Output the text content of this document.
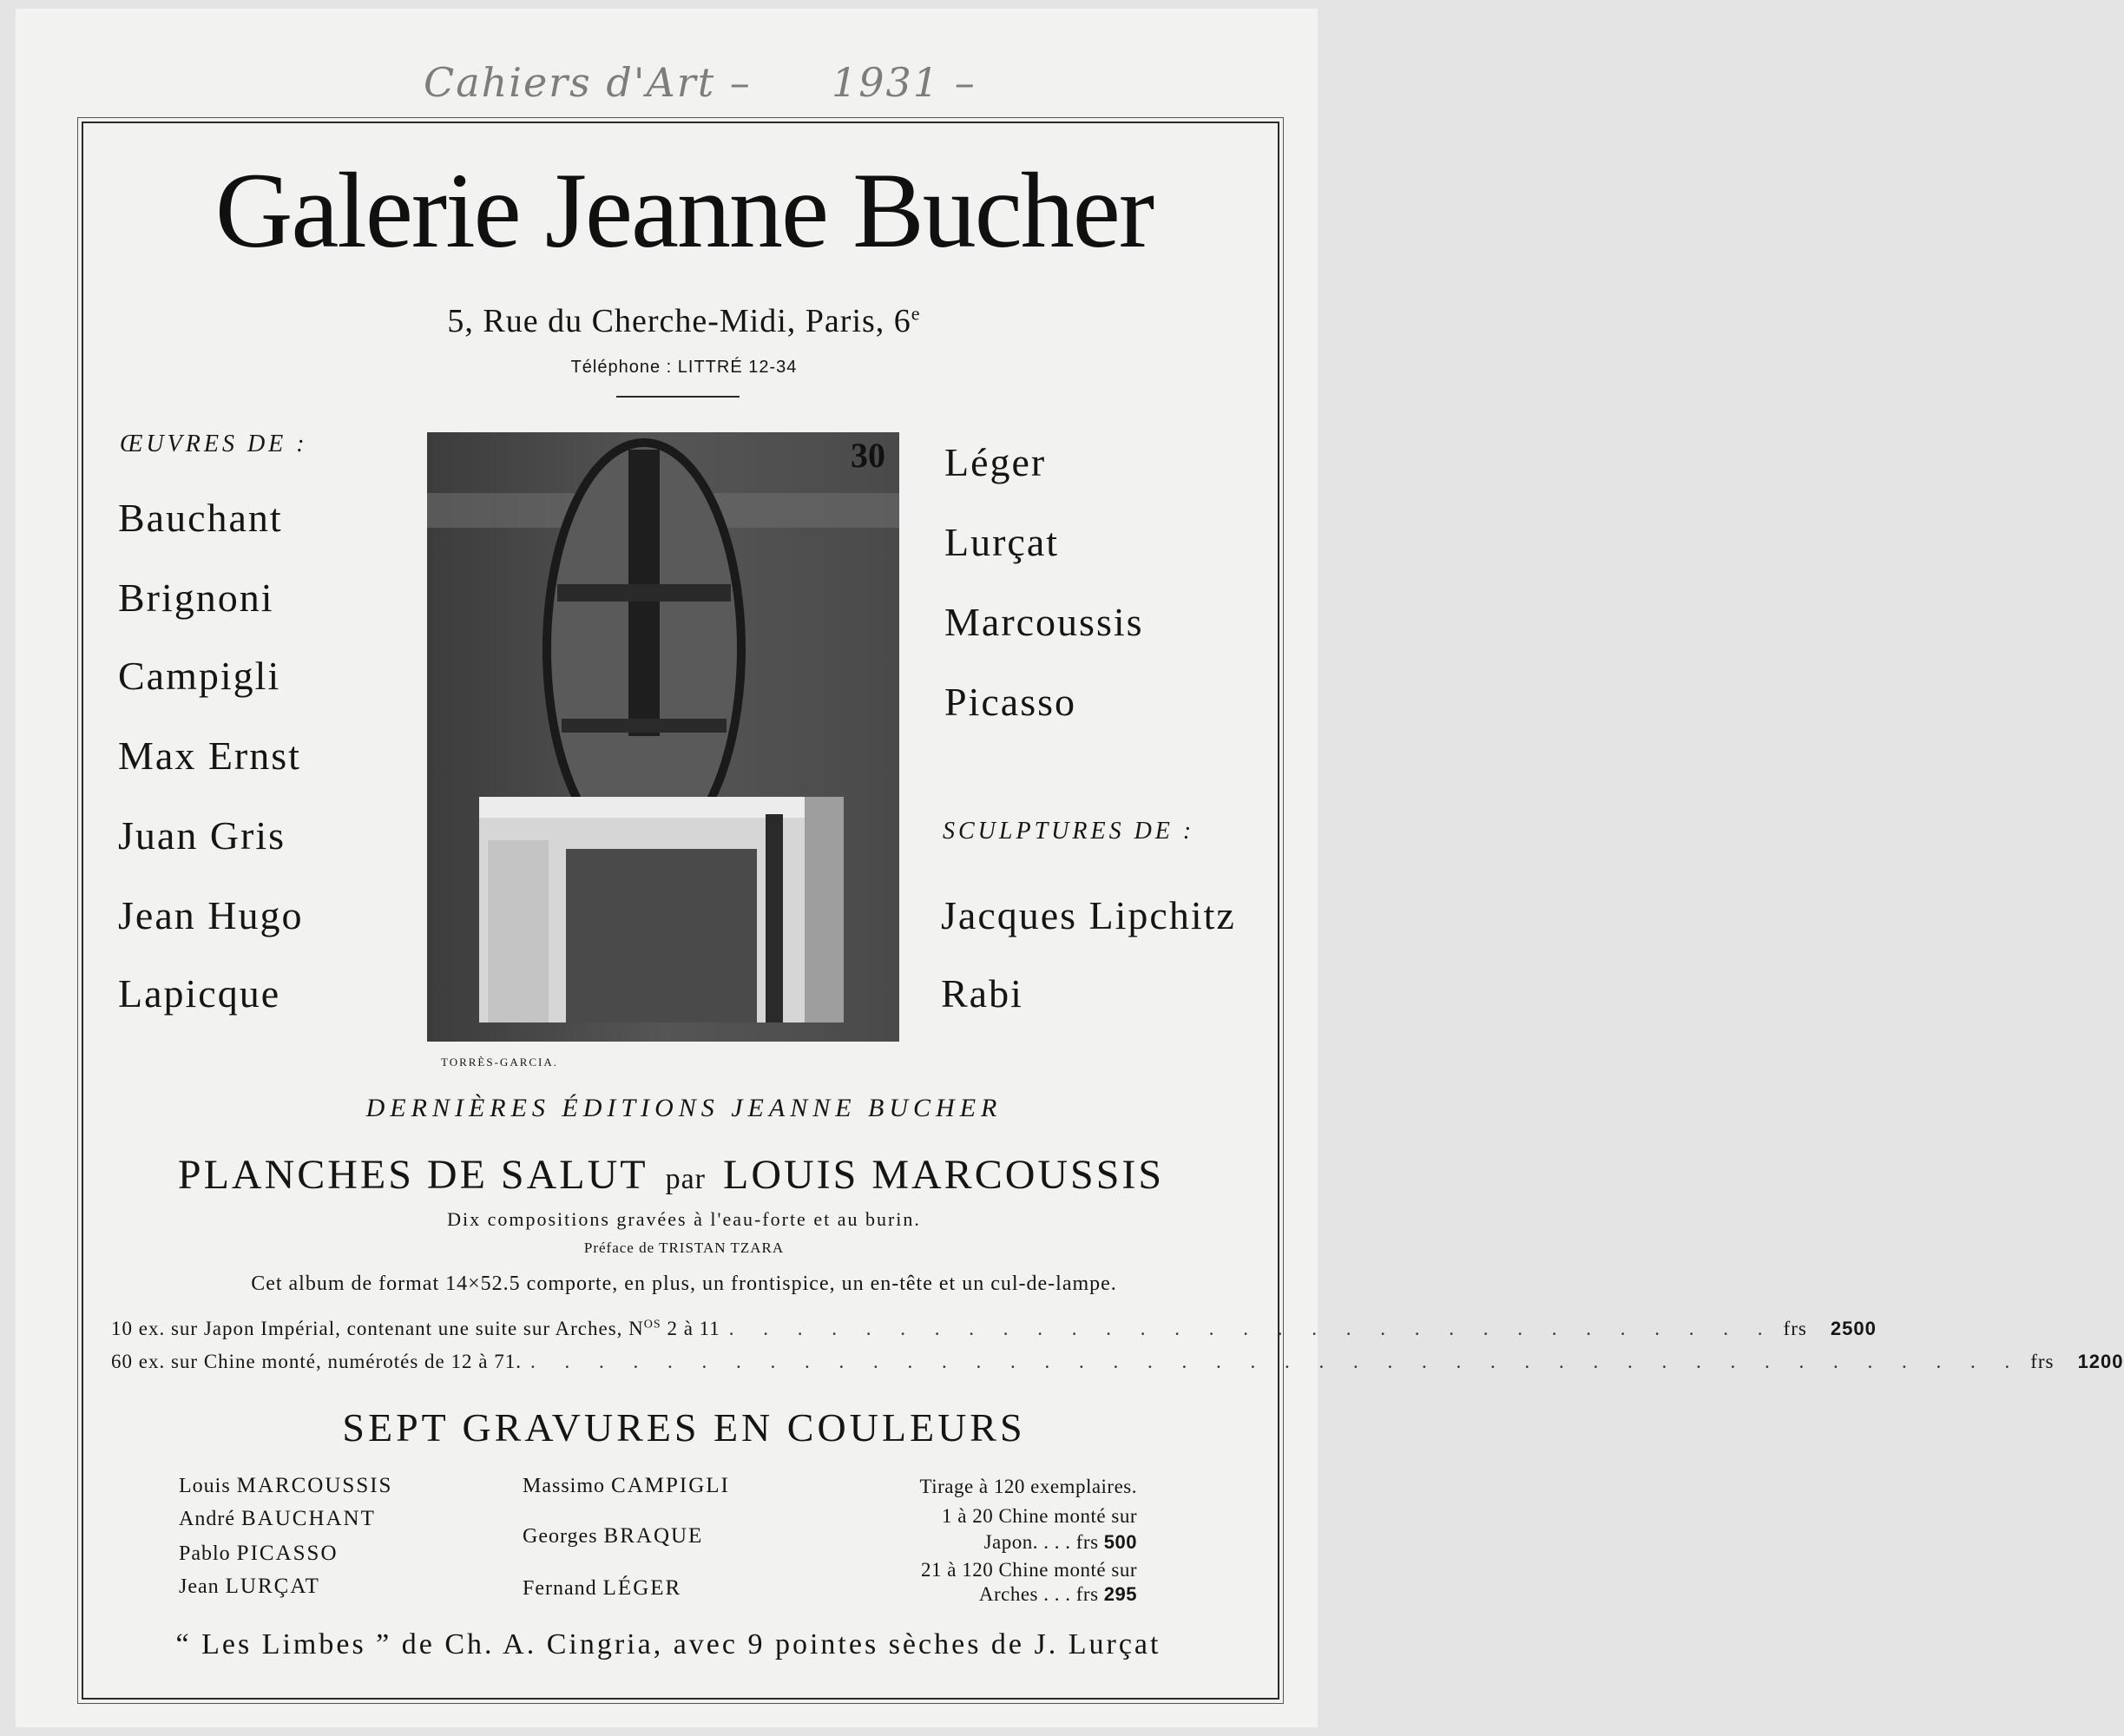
Cahiers d'Art – 1931 –
Galerie Jeanne Bucher
5, Rue du Cherche-Midi, Paris, 6e
Téléphone : LITTRÉ 12-34
ŒUVRES DE :
Bauchant
Brignoni
Campigli
Max Ernst
Juan Gris
Jean Hugo
Lapicque
30
TORRÈS-GARCIA.
Léger
Lurçat
Marcoussis
Picasso
SCULPTURES DE :
Jacques Lipchitz
Rabi
DERNIÈRES ÉDITIONS JEANNE BUCHER
PLANCHES DE SALUT par LOUIS MARCOUSSIS
Dix compositions gravées à l'eau-forte et au burin.
Préface de TRISTAN TZARA
Cet album de format 14×52.5 comporte, en plus, un frontispice, un en-tête et un cul-de-lampe.
10 ex. sur Japon Impérial, contenant une suite sur Arches, $N^{OS}$ 2 à 11 . . . . . . . . . . . . . . . . . . . . . . . . . . . . . . . frs	2500
60 ex. sur Chine monté, numérotés de 12 à 71. . . . . . . . . . . . . . . . . . . . . . . . . . . . . . . . . . . . . . . . . . . . . frs	1200
SEPT GRAVURES EN COULEURS
Louis MARCOUSSIS
André BAUCHANT
Pablo PICASSO
Jean LURÇAT
Massimo CAMPIGLI
Georges BRAQUE
Fernand LÉGER
Tirage à 120 exemplaires.
1 à 20 Chine monté sur
Japon. . . . frs 500
21 à 120 Chine monté sur
Arches . . . frs 295
“ Les Limbes ” de Ch. A. Cingria, avec 9 pointes sèches de J. Lurçat
